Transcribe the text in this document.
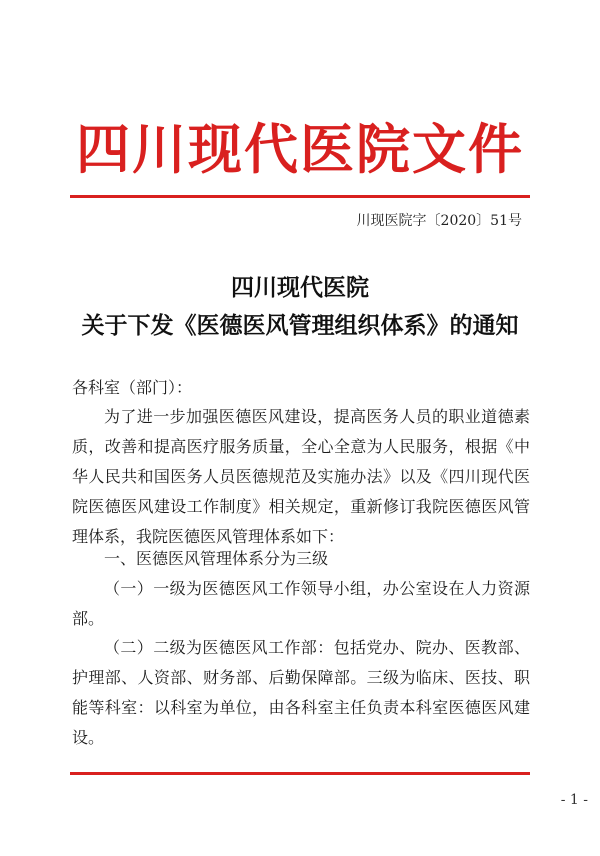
四川现代医院文件
川现医院字〔2020〕51号
四川现代医院
关于下发《医德医风管理组织体系》的通知
各科室（部门）：
为了进一步加强医德医风建设，提高医务人员的职业道德素质，改善和提高医疗服务质量，全心全意为人民服务，根据《中华人民共和国医务人员医德规范及实施办法》以及《四川现代医院医德医风建设工作制度》相关规定，重新修订我院医德医风管理体系，我院医德医风管理体系如下：
一、医德医风管理体系分为三级
（一）一级为医德医风工作领导小组，办公室设在人力资源部。
（二）二级为医德医风工作部：包括党办、院办、医教部、护理部、人资部、财务部、后勤保障部。三级为临床、医技、职能等科室：以科室为单位，由各科室主任负责本科室医德医风建设。
- 1 -
